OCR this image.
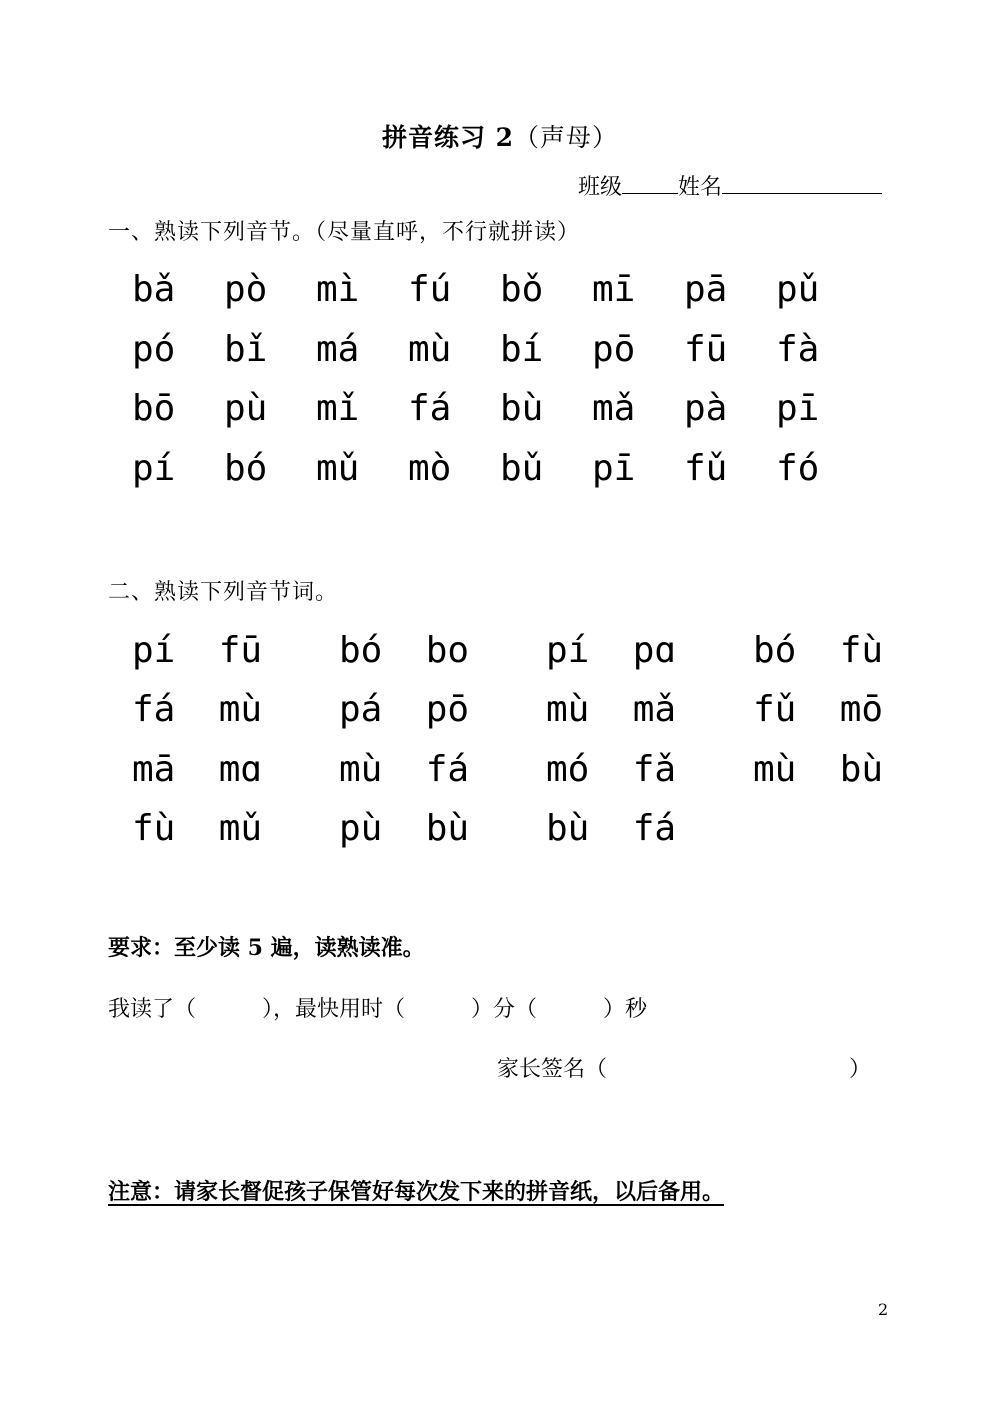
拼音练习 2（声母）
班级	姓名
一、熟读下列音节。（尽量直呼，不行就拼读）
bǎ pò mì fú bǒ mī pā pǔ
pó bǐ má mù bí pō fū fà
bō pù mǐ fá bù mǎ pà pī
pí bó mǔ mò bǔ pī fǔ fó
二、熟读下列音节词。
pí  fū bó  bo pí  pɑ bó  fù
fá  mù pá  pō mù  mǎ fǔ  mō
mā  mɑ mù  fá mó  fǎ mù  bù
fù  mǔ pù  bù bù  fá
要求：至少读 5 遍，读熟读准。
我读了（　　　），最快用时（　　　）分（　　　）秒
家长签名（　　　　　　　　　　　）
注意：请家长督促孩子保管好每次发下来的拼音纸，以后备用。
2
